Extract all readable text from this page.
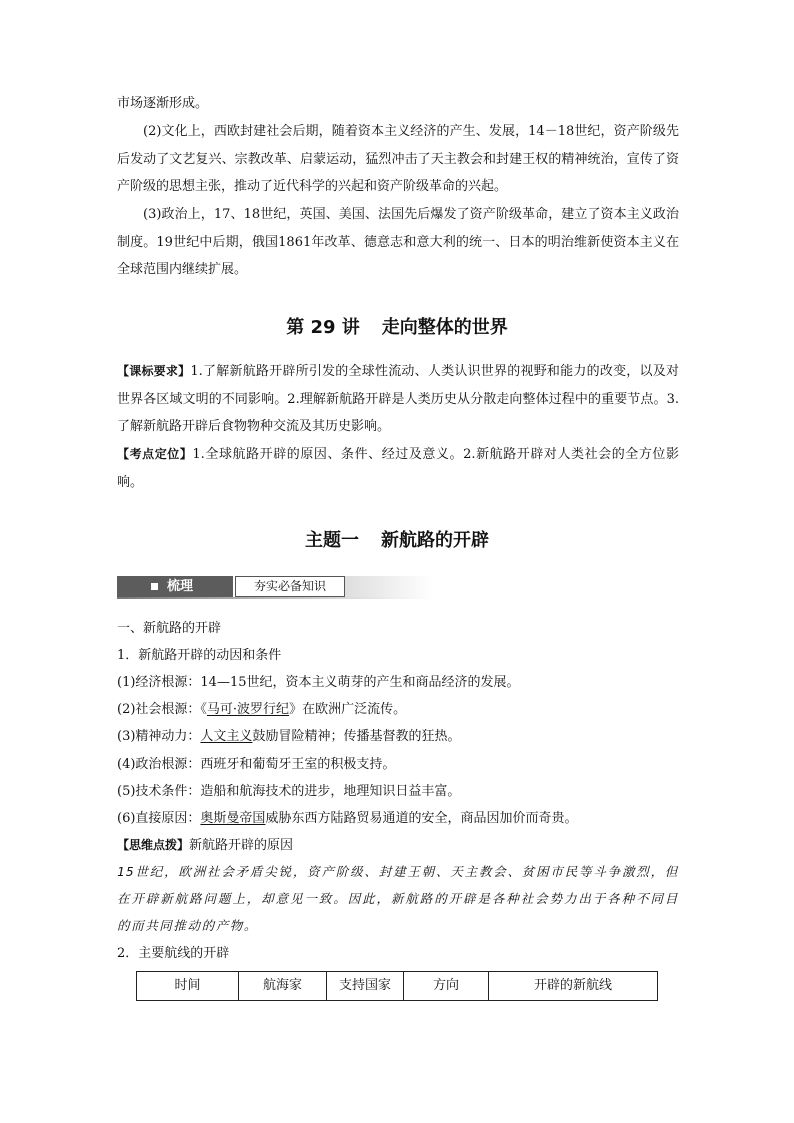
市场逐渐形成。
(2)文化上，西欧封建社会后期，随着资本主义经济的产生、发展，14－18世纪，资产阶级先后发动了文艺复兴、宗教改革、启蒙运动，猛烈冲击了天主教会和封建王权的精神统治，宣传了资产阶级的思想主张，推动了近代科学的兴起和资产阶级革命的兴起。
(3)政治上，17、18世纪，英国、美国、法国先后爆发了资产阶级革命，建立了资本主义政治制度。19世纪中后期，俄国1861年改革、德意志和意大利的统一、日本的明治维新使资本主义在全球范围内继续扩展。
第 29 讲 走向整体的世界
【课标要求】1.了解新航路开辟所引发的全球性流动、人类认识世界的视野和能力的改变，以及对世界各区域文明的不同影响。2.理解新航路开辟是人类历史从分散走向整体过程中的重要节点。3.了解新航路开辟后食物物种交流及其历史影响。
【考点定位】1.全球航路开辟的原因、条件、经过及意义。2.新航路开辟对人类社会的全方位影响。
主题一 新航路的开辟
梳理	夯实必备知识
一、新航路的开辟
1．新航路开辟的动因和条件
(1)经济根源：14—15世纪，资本主义萌芽的产生和商品经济的发展。
(2)社会根源：《马可·波罗行纪》在欧洲广泛流传。
(3)精神动力：人文主义鼓励冒险精神；传播基督教的狂热。
(4)政治根源：西班牙和葡萄牙王室的积极支持。
(5)技术条件：造船和航海技术的进步，地理知识日益丰富。
(6)直接原因：奥斯曼帝国威胁东西方陆路贸易通道的安全，商品因加价而奇贵。
【思维点拨】新航路开辟的原因
15世纪，欧洲社会矛盾尖锐，资产阶级、封建王朝、天主教会、贫困市民等斗争激烈，但在开辟新航路问题上，却意见一致。因此，新航路的开辟是各种社会势力出于各种不同目的而共同推动的产物。
2．主要航线的开辟
时间	航海家	支持国家	方向	开辟的新航线
